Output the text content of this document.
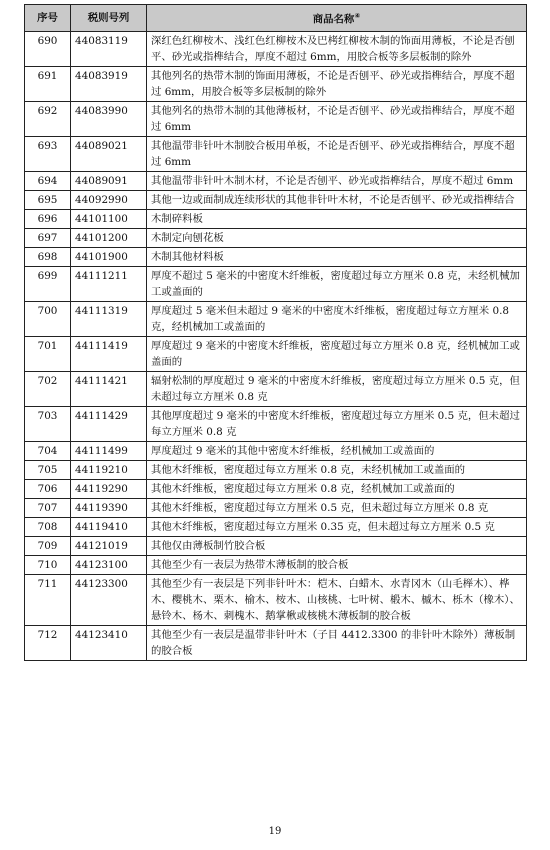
序号	税则号列	商品名称④
690	44083119	深红色红柳桉木、浅红色红柳桉木及巴栲红柳桉木制的饰面用薄板，不论是否刨平、砂光或指榫结合，厚度不超过 6mm，用胶合板等多层板制的除外
691	44083919	其他列名的热带木制的饰面用薄板，不论是否刨平、砂光或指榫结合，厚度不超过 6mm，用胶合板等多层板制的除外
692	44083990	其他列名的热带木制的其他薄板材，不论是否刨平、砂光或指榫结合，厚度不超过 6mm
693	44089021	其他温带非针叶木制胶合板用单板，不论是否刨平、砂光或指榫结合，厚度不超过 6mm
694	44089091	其他温带非针叶木制木材，不论是否刨平、砂光或指榫结合，厚度不超过 6mm
695	44092990	其他一边或面制成连续形状的其他非针叶木材，不论是否刨平、砂光或指榫结合
696	44101100	木制碎料板
697	44101200	木制定向刨花板
698	44101900	木制其他材料板
699	44111211	厚度不超过 5 毫米的中密度木纤维板，密度超过每立方厘米 0.8 克，未经机械加工或盖面的
700	44111319	厚度超过 5 毫米但未超过 9 毫米的中密度木纤维板，密度超过每立方厘米 0.8 克，经机械加工或盖面的
701	44111419	厚度超过 9 毫米的中密度木纤维板，密度超过每立方厘米 0.8 克，经机械加工或盖面的
702	44111421	辐射松制的厚度超过 9 毫米的中密度木纤维板，密度超过每立方厘米 0.5 克，但未超过每立方厘米 0.8 克
703	44111429	其他厚度超过 9 毫米的中密度木纤维板，密度超过每立方厘米 0.5 克，但未超过每立方厘米 0.8 克
704	44111499	厚度超过 9 毫米的其他中密度木纤维板，经机械加工或盖面的
705	44119210	其他木纤维板，密度超过每立方厘米 0.8 克，未经机械加工或盖面的
706	44119290	其他木纤维板，密度超过每立方厘米 0.8 克，经机械加工或盖面的
707	44119390	其他木纤维板，密度超过每立方厘米 0.5 克，但未超过每立方厘米 0.8 克
708	44119410	其他木纤维板，密度超过每立方厘米 0.35 克，但未超过每立方厘米 0.5 克
709	44121019	其他仅由薄板制竹胶合板
710	44123100	其他至少有一表层为热带木薄板制的胶合板
711	44123300	其他至少有一表层是下列非针叶木：桤木、白蜡木、水青冈木（山毛榉木）、桦木、樱桃木、栗木、榆木、桉木、山核桃、七叶树、椴木、槭木、栎木（橡木）、悬铃木、杨木、刺槐木、鹅掌楸或核桃木薄板制的胶合板
712	44123410	其他至少有一表层是温带非针叶木（子目 4412.3300 的非针叶木除外）薄板制的胶合板
19
